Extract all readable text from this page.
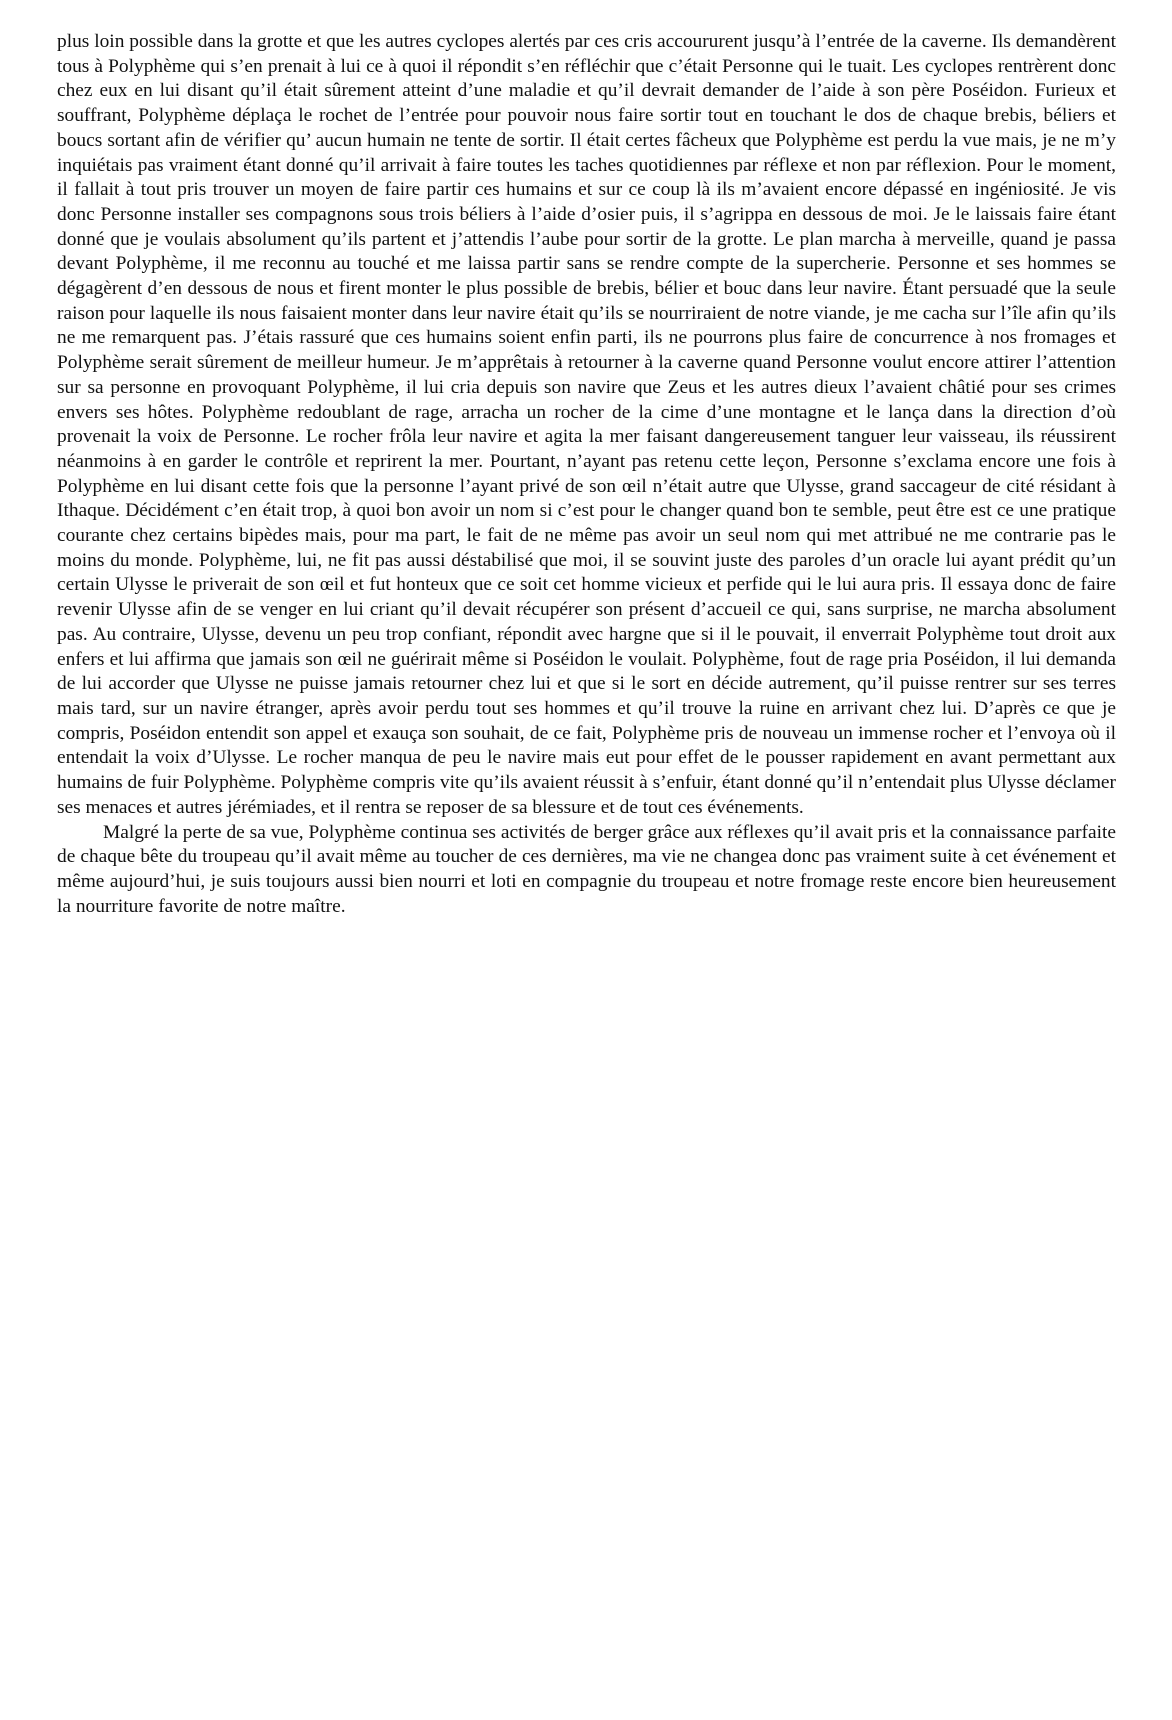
plus loin possible dans la grotte et que les autres cyclopes alertés par ces cris accoururent jusqu’à l’entrée de la caverne. Ils demandèrent tous à Polyphème qui s’en prenait à lui ce à quoi il répondit s’en réfléchir que c’était Personne qui le tuait. Les cyclopes rentrèrent donc chez eux en lui disant qu’il était sûrement atteint d’une maladie et qu’il devrait demander de l’aide à son père Poséidon. Furieux et souffrant, Polyphème déplaça le rochet de l’entrée pour pouvoir nous faire sortir tout en touchant le dos de chaque brebis, béliers et boucs sortant afin de vérifier qu’ aucun humain ne tente de sortir. Il était certes fâcheux que Polyphème est perdu la vue mais, je ne m’y inquiétais pas vraiment étant donné qu’il arrivait à faire toutes les taches quotidiennes par réflexe et non par réflexion. Pour le moment, il fallait à tout pris trouver un moyen de faire partir ces humains et sur ce coup là ils m’avaient encore dépassé en ingéniosité. Je vis donc Personne installer ses compagnons sous trois béliers à l’aide d’osier puis, il s’agrippa en dessous de moi. Je le laissais faire étant donné que je voulais absolument qu’ils partent et j’attendis l’aube pour sortir de la grotte. Le plan marcha à merveille, quand je passa devant Polyphème, il me reconnu au touché et me laissa partir sans se rendre compte de la supercherie. Personne et ses hommes se dégagèrent d’en dessous de nous et firent monter le plus possible de brebis, bélier et bouc dans leur navire. Étant persuadé que la seule raison pour laquelle ils nous faisaient monter dans leur navire était qu’ils se nourriraient de notre viande, je me cacha sur l’île afin qu’ils ne me remarquent pas. J’étais rassuré que ces humains soient enfin parti, ils ne pourrons plus faire de concurrence à nos fromages et Polyphème serait sûrement de meilleur humeur. Je m’apprêtais à retourner à la caverne quand Personne voulut encore attirer l’attention sur sa personne en provoquant Polyphème, il lui cria depuis son navire que Zeus et les autres dieux l’avaient châtié pour ses crimes envers ses hôtes. Polyphème redoublant de rage, arracha un rocher de la cime d’une montagne et le lança dans la direction d’où provenait la voix de Personne. Le rocher frôla leur navire et agita la mer faisant dangereusement tanguer leur vaisseau, ils réussirent néanmoins à en garder le contrôle et reprirent la mer. Pourtant, n’ayant pas retenu cette leçon, Personne s’exclama encore une fois à Polyphème en lui disant cette fois que la personne l’ayant privé de son œil n’était autre que Ulysse, grand saccageur de cité résidant à Ithaque. Décidément c’en était trop, à quoi bon avoir un nom si c’est pour le changer quand bon te semble, peut être est ce une pratique courante chez certains bipèdes mais, pour ma part, le fait de ne même pas avoir un seul nom qui met attribué ne me contrarie pas le moins du monde. Polyphème, lui, ne fit pas aussi déstabilisé que moi, il se souvint juste des paroles d’un oracle lui ayant prédit qu’un certain Ulysse le priverait de son œil et fut honteux que ce soit cet homme vicieux et perfide qui le lui aura pris. Il essaya donc de faire revenir Ulysse afin de se venger en lui criant qu’il devait récupérer son présent d’accueil ce qui, sans surprise, ne marcha absolument pas. Au contraire, Ulysse, devenu un peu trop confiant, répondit avec hargne que si il le pouvait, il enverrait Polyphème tout droit aux enfers et lui affirma que jamais son œil ne guérirait même si Poséidon le voulait. Polyphème, fout de rage pria Poséidon, il lui demanda de lui accorder que Ulysse ne puisse jamais retourner chez lui et que si le sort en décide autrement, qu’il puisse rentrer sur ses terres mais tard, sur un navire étranger, après avoir perdu tout ses hommes et qu’il trouve la ruine en arrivant chez lui. D’après ce que je compris, Poséidon entendit son appel et exauça son souhait, de ce fait, Polyphème pris de nouveau un immense rocher et l’envoya où il entendait la voix d’Ulysse. Le rocher manqua de peu le navire mais eut pour effet de le pousser rapidement en avant permettant aux humains de fuir Polyphème. Polyphème compris vite qu’ils avaient réussit à s’enfuir, étant donné qu’il n’entendait plus Ulysse déclamer ses menaces et autres jérémiades, et il rentra se reposer de sa blessure et de tout ces événements.

Malgré la perte de sa vue, Polyphème continua ses activités de berger grâce aux réflexes qu’il avait pris et la connaissance parfaite de chaque bête du troupeau qu’il avait même au toucher de ces dernières, ma vie ne changea donc pas vraiment suite à cet événement et même aujourd’hui, je suis toujours aussi bien nourri et loti en compagnie du troupeau et notre fromage reste encore bien heureusement la nourriture favorite de notre maître.
